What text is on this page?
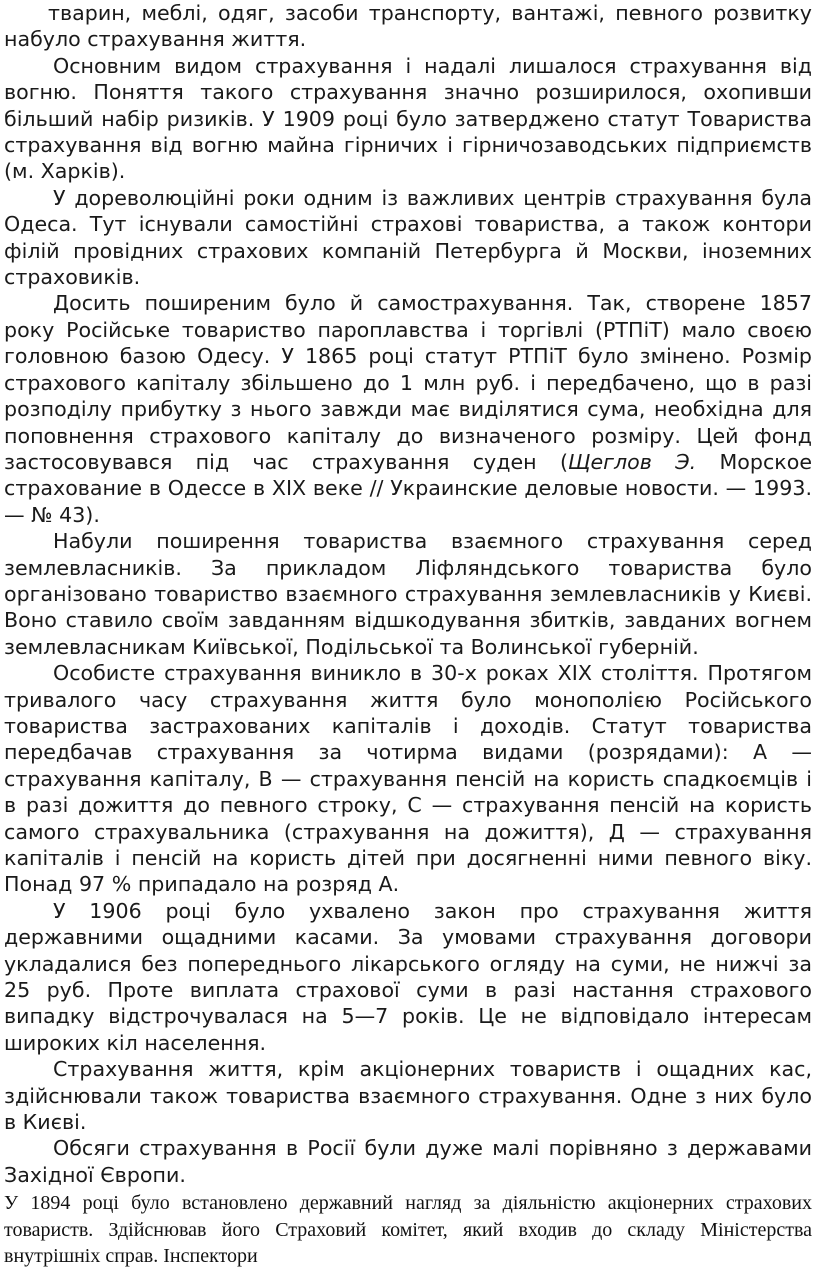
тварин, меблі, одяг, засоби транспорту, вантажі, певного розвитку набуло страхування життя.

Основним видом страхування і надалі лишалося страхування від вогню. Поняття такого страхування значно розширилося, охопивши більший набір ризиків. У 1909 році було затверджено статут Товариства страхування від вогню майна гірничих і гірничозаводських підприємств (м. Харків).

У дореволюційні роки одним із важливих центрів страхування була Одеса. Тут існували самостійні страхові товариства, а також контори філій провідних страхових компаній Петербурга й Москви, іноземних страховиків.

Досить поширеним було й самострахування. Так, створене 1857 року Російське товариство пароплавства і торгівлі (РТПіТ) мало своєю головною базою Одесу. У 1865 році статут РТПіТ було змінено. Розмір страхового капіталу збільшено до 1 млн руб. і передбачено, що в разі розподілу прибутку з нього завжди має виділятися сума, необхідна для поповнення страхового капіталу до визначеного розміру. Цей фонд застосовувався під час страхування суден (Щеглов Э. Морское страхование в Одессе в XIX веке // Украинские деловые новости. — 1993. — № 43).

Набули поширення товариства взаємного страхування серед землевласників. За прикладом Ліфляндського товариства було організовано товариство взаємного страхування землевласників у Києві. Воно ставило своїм завданням відшкодування збитків, завданих вогнем землевласникам Київської, Подільської та Волинської губерній.

Особисте страхування виникло в 30-х роках XIX століття. Протягом тривалого часу страхування життя було монополією Російського товариства застрахованих капіталів і доходів. Статут товариства передбачав страхування за чотирма видами (розрядами): А — страхування капіталу, В — страхування пенсій на користь спадкоємців і в разі дожиття до певного строку, С — страхування пенсій на користь самого страхувальника (страхування на дожиття), Д — страхування капіталів і пенсій на користь дітей при досягненні ними певного віку. Понад 97 % припадало на розряд А.

У 1906 році було ухвалено закон про страхування життя державними ощадними касами. За умовами страхування договори укладалися без попереднього лікарського огляду на суми, не нижчі за 25 руб. Проте виплата страхової суми в разі настання страхового випадку відстрочувалася на 5—7 років. Це не відповідало інтересам широких кіл населення.

Страхування життя, крім акціонерних товариств і ощадних кас, здійснювали також товариства взаємного страхування. Одне з них було в Києві.

Обсяги страхування в Росії були дуже малі порівняно з державами Західної Європи.

У 1894 році було встановлено державний нагляд за діяльністю акціонерних страхових товариств. Здійснював його Страховий комітет, який входив до складу Міністерства внутрішніх справ. Інспектори
